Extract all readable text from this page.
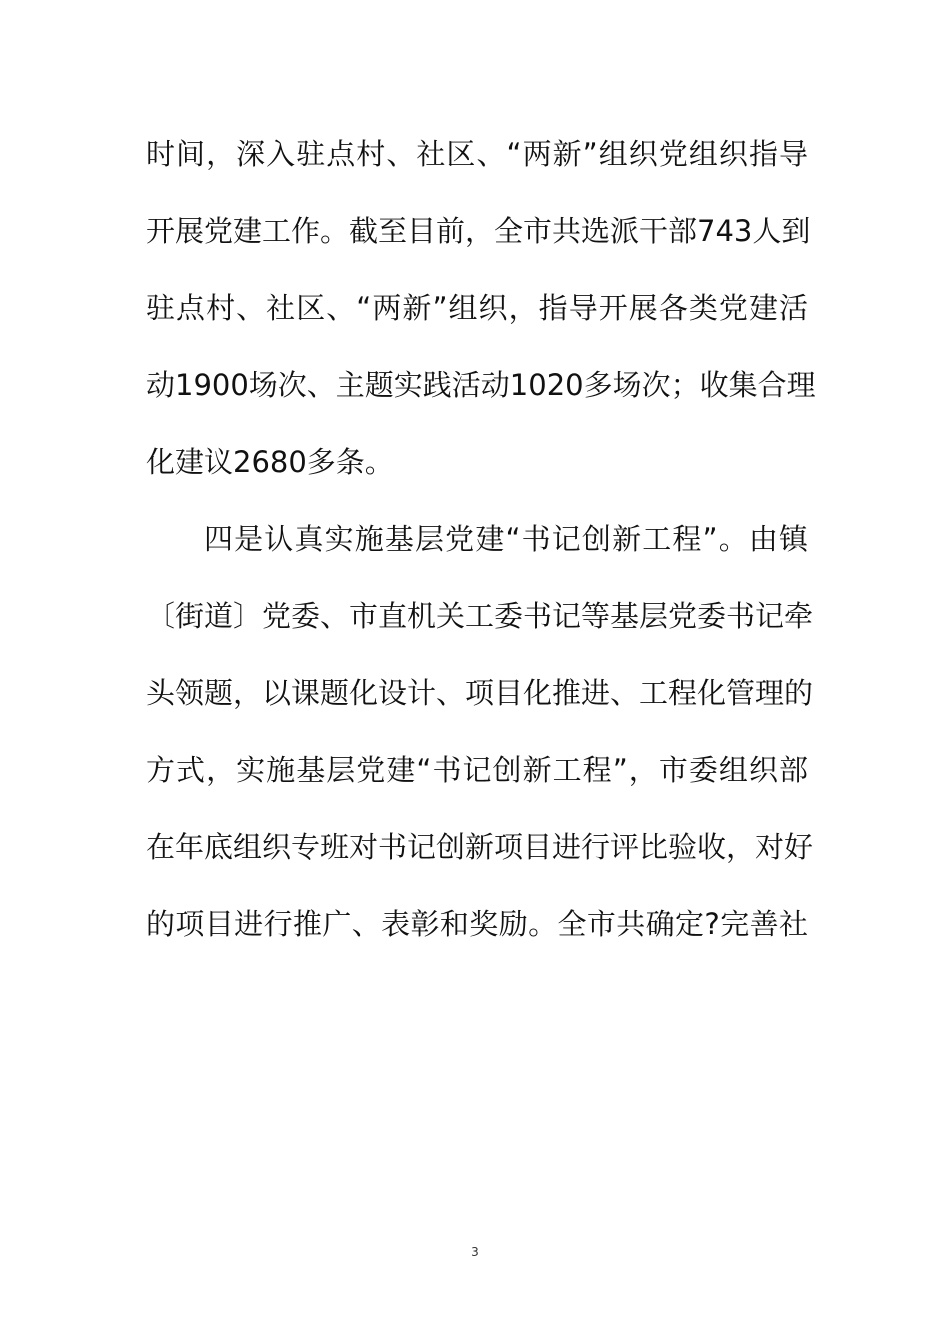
时间，深入驻点村、社区、“两新”组织党组织指导
开展党建工作。截至目前，全市共选派干部743人到
驻点村、社区、“两新”组织，指导开展各类党建活
动1900场次、主题实践活动1020多场次；收集合理
化建议2680多条。
四是认真实施基层党建“书记创新工程”。由镇
〔街道〕党委、市直机关工委书记等基层党委书记牵
头领题，以课题化设计、项目化推进、工程化管理的
方式，实施基层党建“书记创新工程”，市委组织部
在年底组织专班对书记创新项目进行评比验收，对好
的项目进行推广、表彰和奖励。全市共确定?完善社
3
